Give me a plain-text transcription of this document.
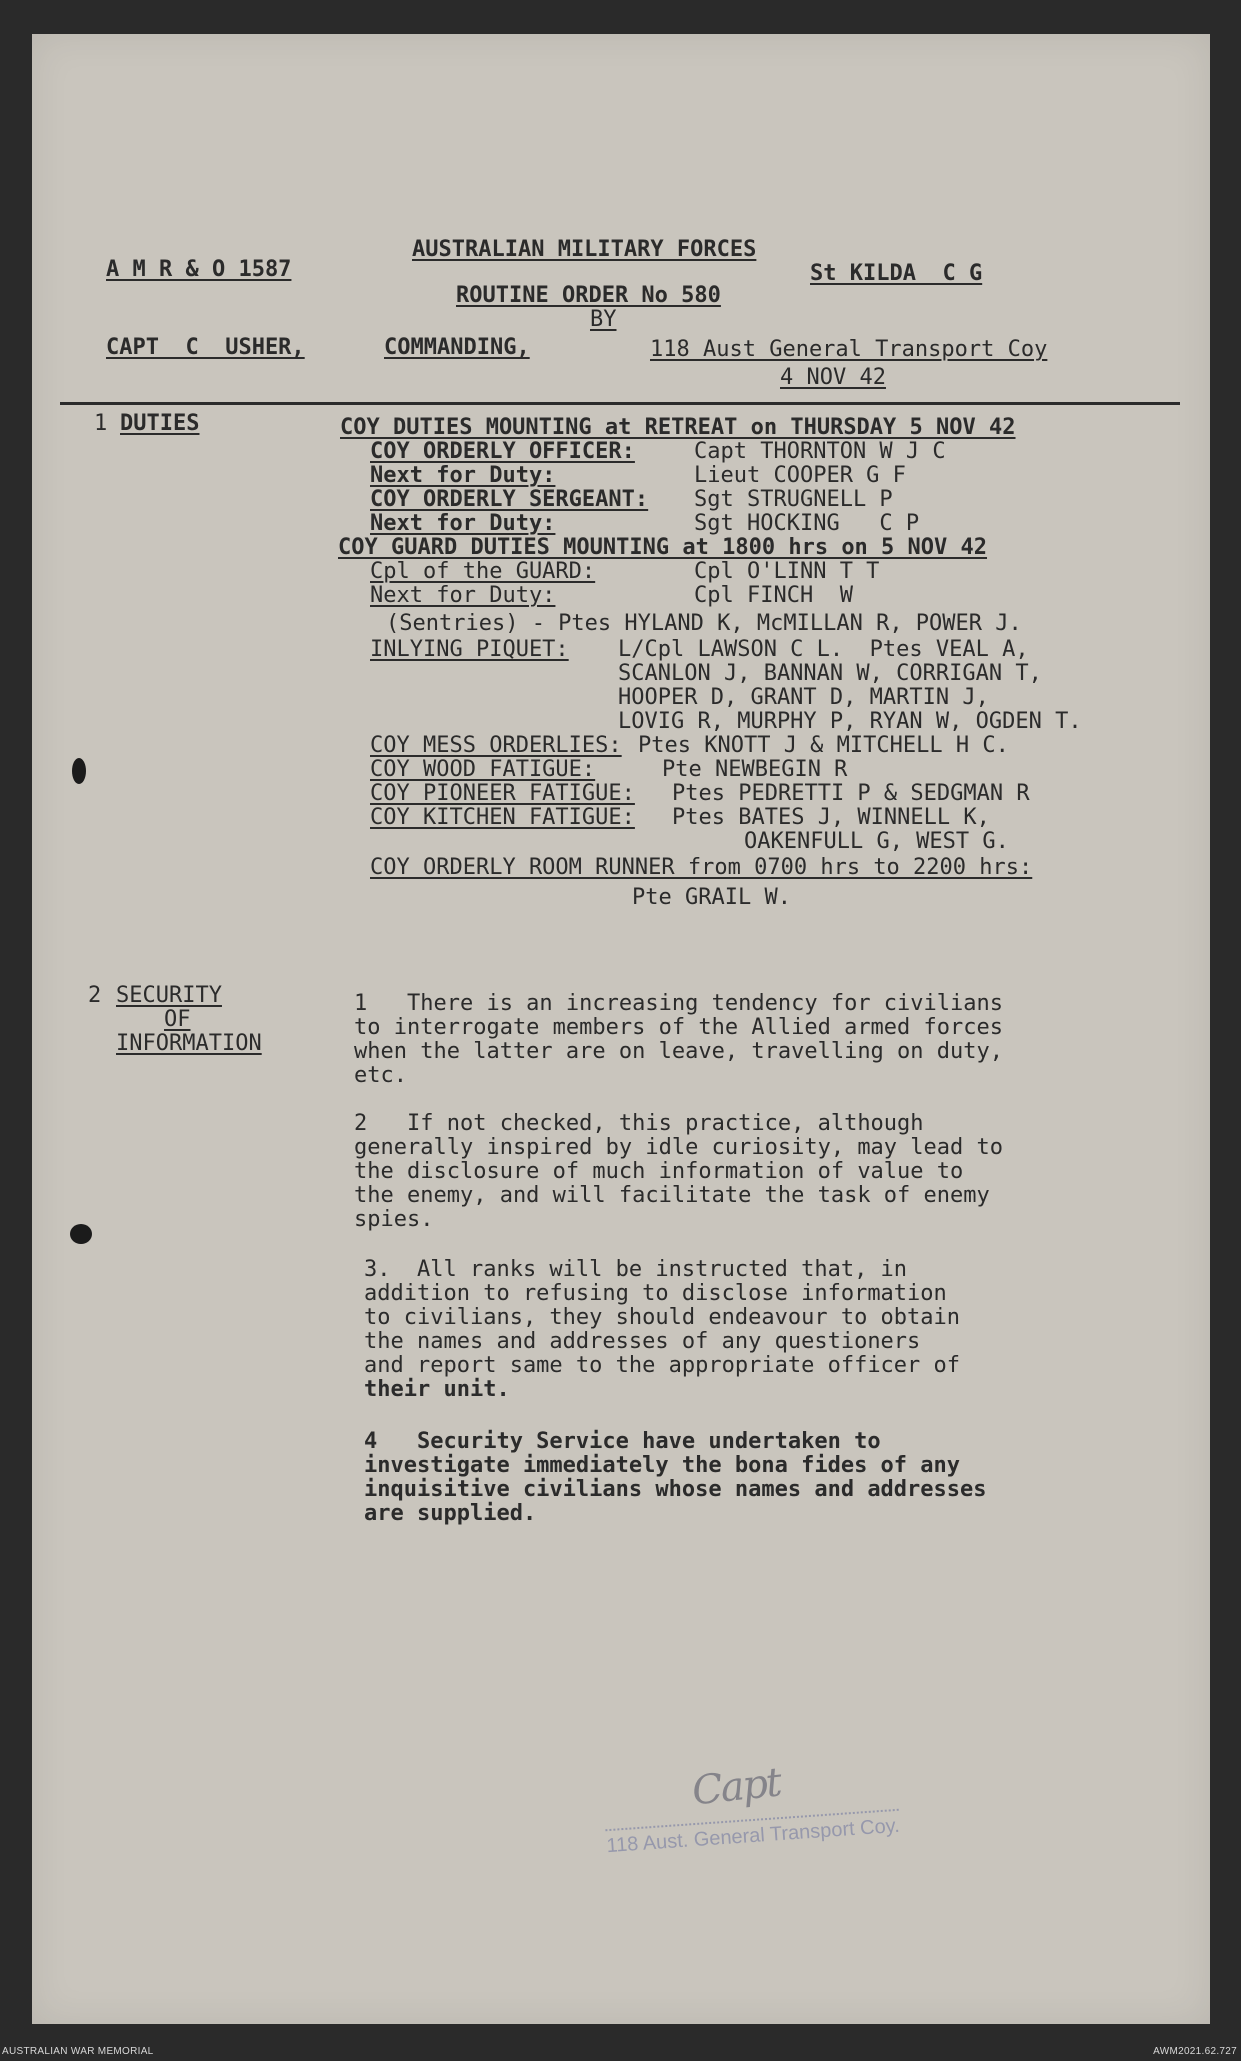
A M R & O 1587
AUSTRALIAN MILITARY FORCES
St KILDA  C G
ROUTINE ORDER No 580
BY
CAPT  C  USHER,	COMMANDING,	118 Aust General Transport Coy
4 NOV 42
1 DUTIES	COY DUTIES MOUNTING at RETREAT on THURSDAY 5 NOV 42
COY ORDERLY OFFICER:	Capt THORNTON W J C
Next for Duty:	Lieut COOPER G F
COY ORDERLY SERGEANT: Sgt STRUGNELL P
Next for Duty:	Sgt HOCKING   C P
COY GUARD DUTIES MOUNTING at 1800 hrs on 5 NOV 42
Cpl of the GUARD:	Cpl O'LINN T T
Next for Duty:	Cpl FINCH  W
(Sentries) - Ptes HYLAND K, McMILLAN R, POWER J.
INLYING PIQUET: L/Cpl LAWSON C L.  Ptes VEAL A,
SCANLON J, BANNAN W, CORRIGAN T,
HOOPER D, GRANT D, MARTIN J,
LOVIG R, MURPHY P, RYAN W, OGDEN T.
COY MESS ORDERLIES: Ptes KNOTT J & MITCHELL H C.
COY WOOD FATIGUE:	Pte NEWBEGIN R
COY PIONEER FATIGUE: Ptes PEDRETTI P & SEDGMAN R
COY KITCHEN FATIGUE: Ptes BATES J, WINNELL K,
OAKENFULL G, WEST G.
COY ORDERLY ROOM RUNNER from 0700 hrs to 2200 hrs:
Pte GRAIL W.
2 SECURITY
OF
INFORMATION
1   There is an increasing tendency for civilians
to interrogate members of the Allied armed forces
when the latter are on leave, travelling on duty,
etc.
2   If not checked, this practice, although
generally inspired by idle curiosity, may lead to
the disclosure of much information of value to
the enemy, and will facilitate the task of enemy
spies.
3.  All ranks will be instructed that, in
addition to refusing to disclose information
to civilians, they should endeavour to obtain
the names and addresses of any questioners
and report same to the appropriate officer of
their unit.
4   Security Service have undertaken to
investigate immediately the bona fides of any
inquisitive civilians whose names and addresses
are supplied.
Capt
118 Aust. General Transport Coy.
AUSTRALIAN WAR MEMORIAL	AWM2021.62.727
